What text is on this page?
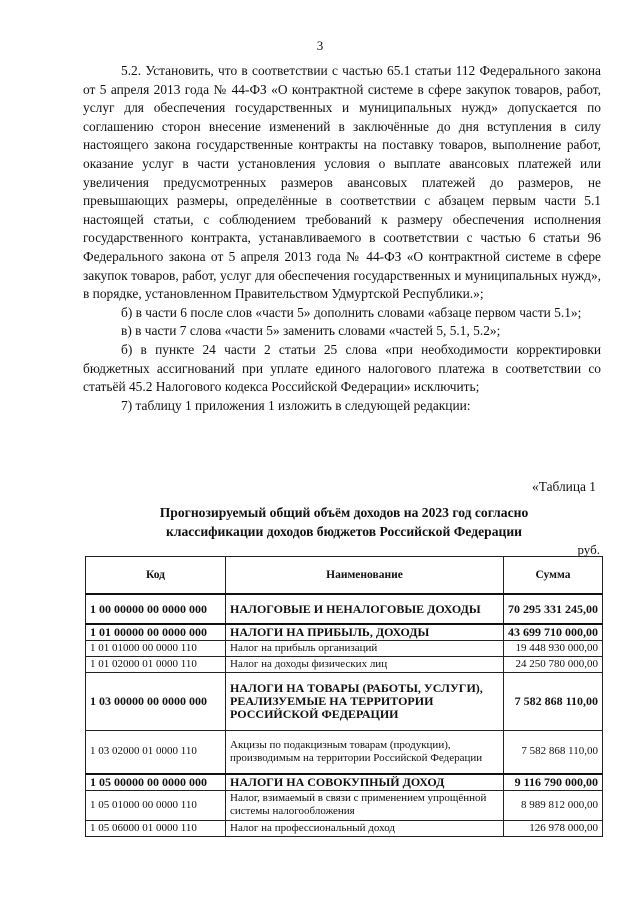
3

5.2. Установить, что в соответствии с частью 65.1 статьи 112 Федерального закона от 5 апреля 2013 года № 44-ФЗ «О контрактной системе в сфере закупок товаров, работ, услуг для обеспечения государственных и муниципальных нужд» допускается по соглашению сторон внесение изменений в заключённые до дня вступления в силу настоящего закона государственные контракты на поставку товаров, выполнение работ, оказание услуг в части установления условия о выплате авансовых платежей или увеличения предусмотренных размеров авансовых платежей до размеров, не превышающих размеры, определённые в соответствии с абзацем первым части 5.1 настоящей статьи, с соблюдением требований к размеру обеспечения исполнения государственного контракта, устанавливаемого в соответствии с частью 6 статьи 96 Федерального закона от 5 апреля 2013 года № 44-ФЗ «О контрактной системе в сфере закупок товаров, работ, услуг для обеспечения государственных и муниципальных нужд», в порядке, установленном Правительством Удмуртской Республики.»;

б) в части 6 после слов «части 5» дополнить словами «абзаце первом части 5.1»;

в) в части 7 слова «части 5» заменить словами «частей 5, 5.1, 5.2»;

б) в пункте 24 части 2 статьи 25 слова «при необходимости корректировки бюджетных ассигнований при уплате единого налогового платежа в соответствии со статьёй 45.2 Налогового кодекса Российской Федерации» исключить;

7) таблицу 1 приложения 1 изложить в следующей редакции:

«Таблица 1
Прогнозируемый общий объём доходов на 2023 год согласно
классификации доходов бюджетов Российской Федерации
руб.
Код	Наименование	Сумма
1 00 00000 00 0000 000	НАЛОГОВЫЕ И НЕНАЛОГОВЫЕ ДОХОДЫ	70 295 331 245,00
1 01 00000 00 0000 000	НАЛОГИ НА ПРИБЫЛЬ, ДОХОДЫ	43 699 710 000,00
1 01 01000 00 0000 110	Налог на прибыль организаций	19 448 930 000,00
1 01 02000 01 0000 110	Налог на доходы физических лиц	24 250 780 000,00
1 03 00000 00 0000 000	НАЛОГИ НА ТОВАРЫ (РАБОТЫ, УСЛУГИ), РЕАЛИЗУЕМЫЕ НА ТЕРРИТОРИИ РОССИЙСКОЙ ФЕДЕРАЦИИ	7 582 868 110,00
1 03 02000 01 0000 110	Акцизы по подакцизным товарам (продукции), производимым на территории Российской Федерации	7 582 868 110,00
1 05 00000 00 0000 000	НАЛОГИ НА СОВОКУПНЫЙ ДОХОД	9 116 790 000,00
1 05 01000 00 0000 110	Налог, взимаемый в связи с применением упрощённой системы налогообложения	8 989 812 000,00
1 05 06000 01 0000 110	Налог на профессиональный доход	126 978 000,00
